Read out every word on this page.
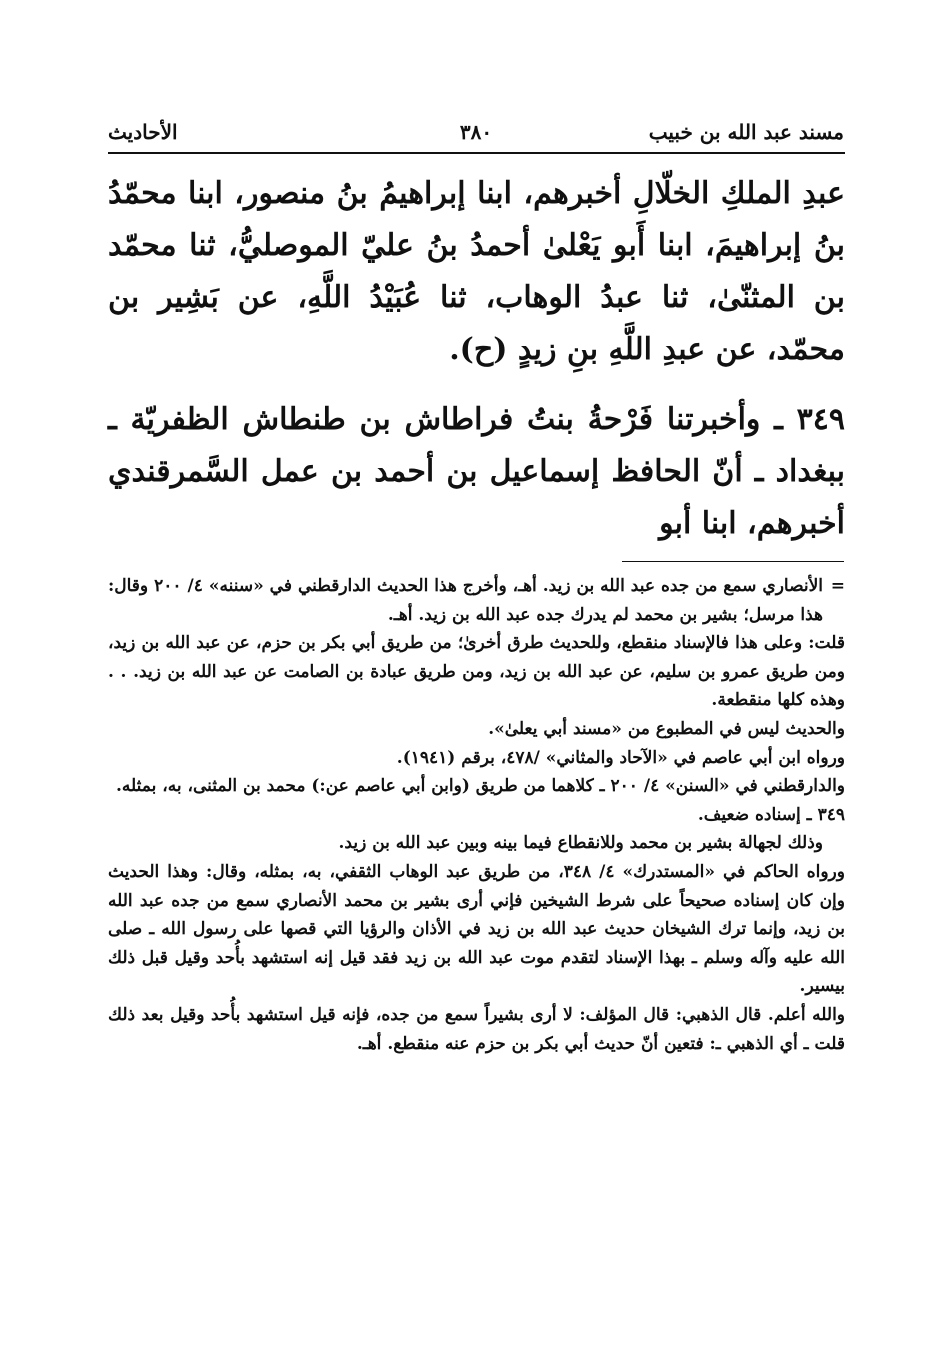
مسند عبد الله بن خبيب
٣٨٠
الأحاديث

عبدِ الملكِ الخلّالِ أخبرهم، ابنا إبراهيمُ بنُ منصور، ابنا محمّدُ بنُ إبراهيمَ، ابنا أَبو يَعْلىٰ أحمدُ بنُ عليّ الموصليُّ، ثنا محمّد بن المثنّىٰ، ثنا عبدُ الوهاب، ثنا عُبَيْدُ اللَّهِ، عن بَشِير بن محمّد، عن عبدِ اللَّهِ بنِ زيدٍ (ح).

٣٤٩ ـ وأخبرتنا فَرْحةُ بنتُ فراطاش بن طنطاش الظفريّة ـ ببغداد ـ أنّ الحافظ إسماعيل بن أحمد بن عمل السَّمرقندي أخبرهم، ابنا أبو

=الأنصاري سمع من جده عبد الله بن زيد. أهـ، وأخرج هذا الحديث الدارقطني في «سننه» ٤/ ٢٠٠ وقال: هذا مرسل؛ بشير بن محمد لم يدرك جده عبد الله بن زيد. أهـ.

قلت: وعلى هذا فالإسناد منقطع، وللحديث طرق أخرىٰ؛ من طريق أبي بكر بن حزم، عن عبد الله بن زيد، ومن طريق عمرو بن سليم، عن عبد الله بن زيد، ومن طريق عبادة بن الصامت عن عبد الله بن زيد. . . وهذه كلها منقطعة.

والحديث ليس في المطبوع من «مسند أبي يعلىٰ».

ورواه ابن أبي عاصم في «الآحاد والمثاني» /٤٧٨، برقم (١٩٤١).

والدارقطني في «السنن» ٤/ ٢٠٠ ـ كلاهما من طريق (وابن أبي عاصم عن:) محمد بن المثنى، به، بمثله.

٣٤٩ ـ إسناده ضعيف.

وذلك لجهالة بشير بن محمد وللانقطاع فيما بينه وبين عبد الله بن زيد.

ورواه الحاكم في «المستدرك» ٤/ ٣٤٨، من طريق عبد الوهاب الثقفي، به، بمثله، وقال: وهذا الحديث وإن كان إسناده صحيحاً على شرط الشيخين فإني أرى بشير بن محمد الأنصاري سمع من جده عبد الله بن زيد، وإنما ترك الشيخان حديث عبد الله بن زيد في الأذان والرؤيا التي قصها على رسول الله ـ صلى الله عليه وآله وسلم ـ بهذا الإسناد لتقدم موت عبد الله بن زيد فقد قيل إنه استشهد بأُحد وقيل قبل ذلك بيسير.

والله أعلم. قال الذهبي: قال المؤلف: لا أرى بشيراً سمع من جده، فإنه قيل استشهد بأُحد وقيل بعد ذلك قلت ـ أي الذهبي ـ: فتعين أنّ حديث أبي بكر بن حزم عنه منقطع. أهـ.
